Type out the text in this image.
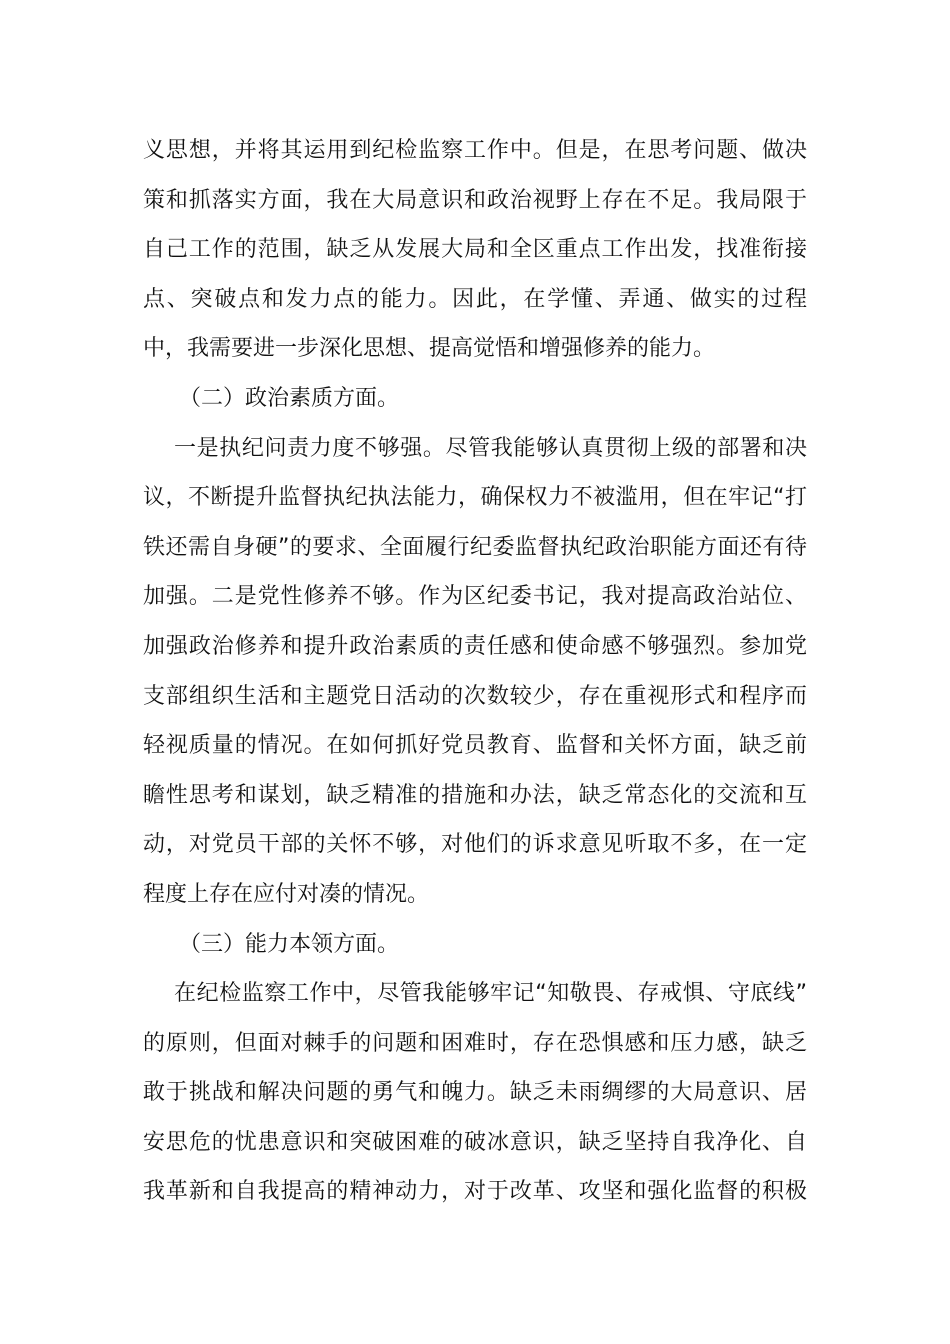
义思想，并将其运用到纪检监察工作中。但是，在思考问题、做决
策和抓落实方面，我在大局意识和政治视野上存在不足。我局限于
自己工作的范围，缺乏从发展大局和全区重点工作出发，找准衔接
点、突破点和发力点的能力。因此，在学懂、弄通、做实的过程
中，我需要进一步深化思想、提高觉悟和增强修养的能力。
（二）政治素质方面。
一是执纪问责力度不够强。尽管我能够认真贯彻上级的部署和决
议，不断提升监督执纪执法能力，确保权力不被滥用，但在牢记“打
铁还需自身硬”的要求、全面履行纪委监督执纪政治职能方面还有待
加强。二是党性修养不够。作为区纪委书记，我对提高政治站位、
加强政治修养和提升政治素质的责任感和使命感不够强烈。参加党
支部组织生活和主题党日活动的次数较少，存在重视形式和程序而
轻视质量的情况。在如何抓好党员教育、监督和关怀方面，缺乏前
瞻性思考和谋划，缺乏精准的措施和办法，缺乏常态化的交流和互
动，对党员干部的关怀不够，对他们的诉求意见听取不多，在一定
程度上存在应付对凑的情况。
（三）能力本领方面。
在纪检监察工作中，尽管我能够牢记“知敬畏、存戒惧、守底线”
的原则，但面对棘手的问题和困难时，存在恐惧感和压力感，缺乏
敢于挑战和解决问题的勇气和魄力。缺乏未雨绸缪的大局意识、居
安思危的忧患意识和突破困难的破冰意识，缺乏坚持自我净化、自
我革新和自我提高的精神动力，对于改革、攻坚和强化监督的积极
